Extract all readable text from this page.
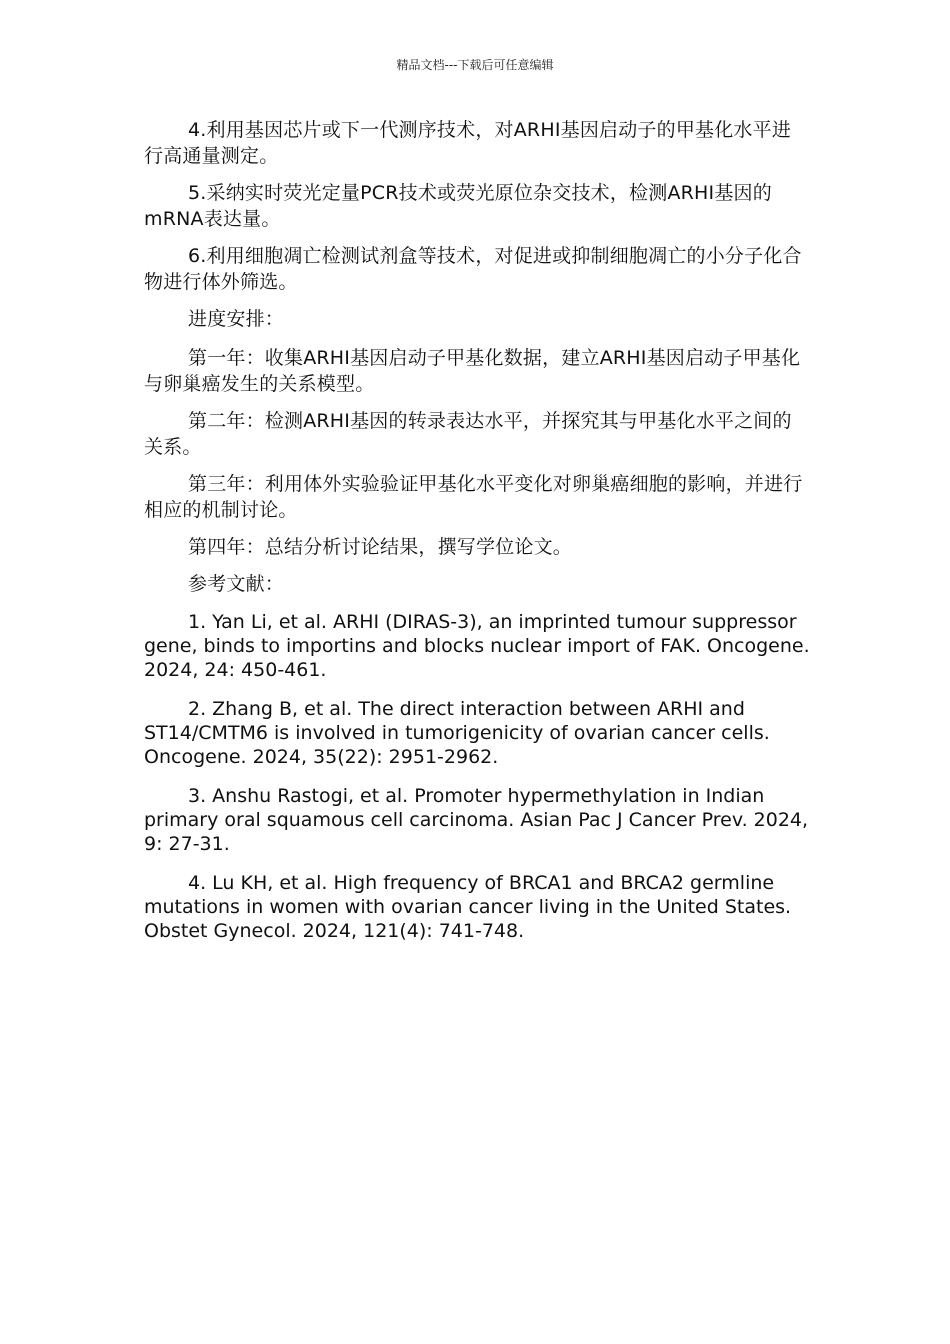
精品文档---下载后可任意编辑

4.利用基因芯片或下一代测序技术，对ARHI基因启动子的甲基化水平进行高通量测定。

5.采纳实时荧光定量PCR技术或荧光原位杂交技术，检测ARHI基因的mRNA表达量。

6.利用细胞凋亡检测试剂盒等技术，对促进或抑制细胞凋亡的小分子化合物进行体外筛选。

进度安排：

第一年：收集ARHI基因启动子甲基化数据，建立ARHI基因启动子甲基化与卵巢癌发生的关系模型。

第二年：检测ARHI基因的转录表达水平，并探究其与甲基化水平之间的关系。

第三年：利用体外实验验证甲基化水平变化对卵巢癌细胞的影响，并进行相应的机制讨论。

第四年：总结分析讨论结果，撰写学位论文。

参考文献：

1. Yan Li, et al. ARHI (DIRAS-3), an imprinted tumour suppressor gene, binds to importins and blocks nuclear import of FAK. Oncogene. 2024, 24: 450-461.

2. Zhang B, et al. The direct interaction between ARHI and ST14/CMTM6 is involved in tumorigenicity of ovarian cancer cells. Oncogene. 2024, 35(22): 2951-2962.

3. Anshu Rastogi, et al. Promoter hypermethylation in Indian primary oral squamous cell carcinoma. Asian Pac J Cancer Prev. 2024, 9: 27-31.

4. Lu KH, et al. High frequency of BRCA1 and BRCA2 germline mutations in women with ovarian cancer living in the United States. Obstet Gynecol. 2024, 121(4): 741-748.
